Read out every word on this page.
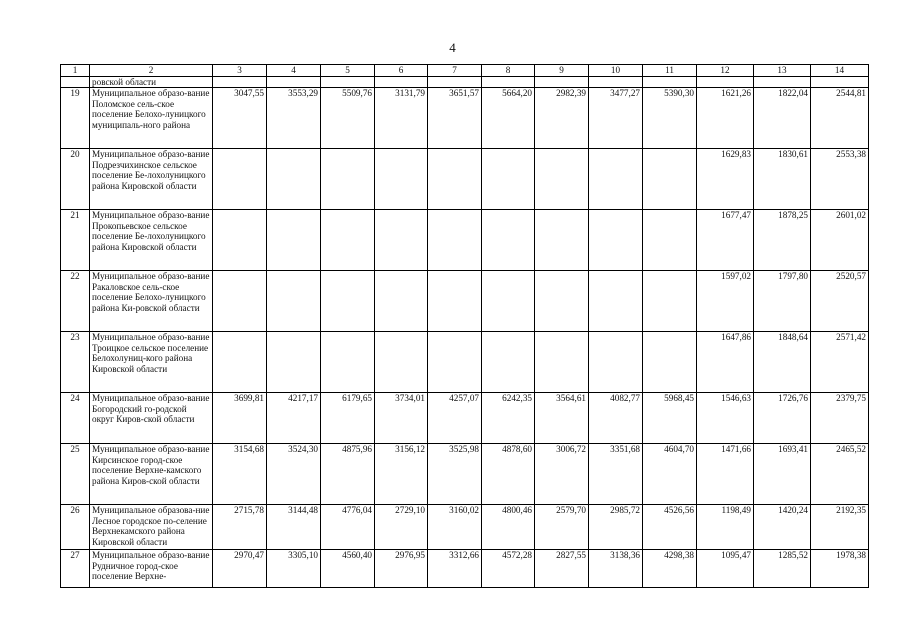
4
1	2	3	4	5	6	7	8	9	10	11	12	13	14
	ровской области												
19	Муниципальное образо-вание Поломское сель-ское поселение Белохо-луницкого муниципаль-ного района	3047,55	3553,29	5509,76	3131,79	3651,57	5664,20	2982,39	3477,27	5390,30	1621,26	1822,04	2544,81
20	Муниципальное образо-вание Подрезчихинское сельское поселение Бе-лохолуницкого района Кировской области										1629,83	1830,61	2553,38
21	Муниципальное образо-вание Прокопьевское сельское поселение Бе-лохолуницкого района Кировской области										1677,47	1878,25	2601,02
22	Муниципальное образо-вание Ракаловское сель-ское поселение Белохо-луницкого района Ки-ровской области										1597,02	1797,80	2520,57
23	Муниципальное образо-вание Троицкое сельское поселение Белохолуниц-кого района Кировской области										1647,86	1848,64	2571,42
24	Муниципальное образо-вание Богородский го-родской округ Киров-ской области	3699,81	4217,17	6179,65	3734,01	4257,07	6242,35	3564,61	4082,77	5968,45	1546,63	1726,76	2379,75
25	Муниципальное образо-вание Кирсинское город-ское поселение Верхне-камского района Киров-ской области	3154,68	3524,30	4875,96	3156,12	3525,98	4878,60	3006,72	3351,68	4604,70	1471,66	1693,41	2465,52
26	Муниципальное образова-ние Лесное городское по-селение Верхнекамского района Кировской области	2715,78	3144,48	4776,04	2729,10	3160,02	4800,46	2579,70	2985,72	4526,56	1198,49	1420,24	2192,35
27	Муниципальное образо-вание Рудничное город-ское поселение Верхне-	2970,47	3305,10	4560,40	2976,95	3312,66	4572,28	2827,55	3138,36	4298,38	1095,47	1285,52	1978,38
